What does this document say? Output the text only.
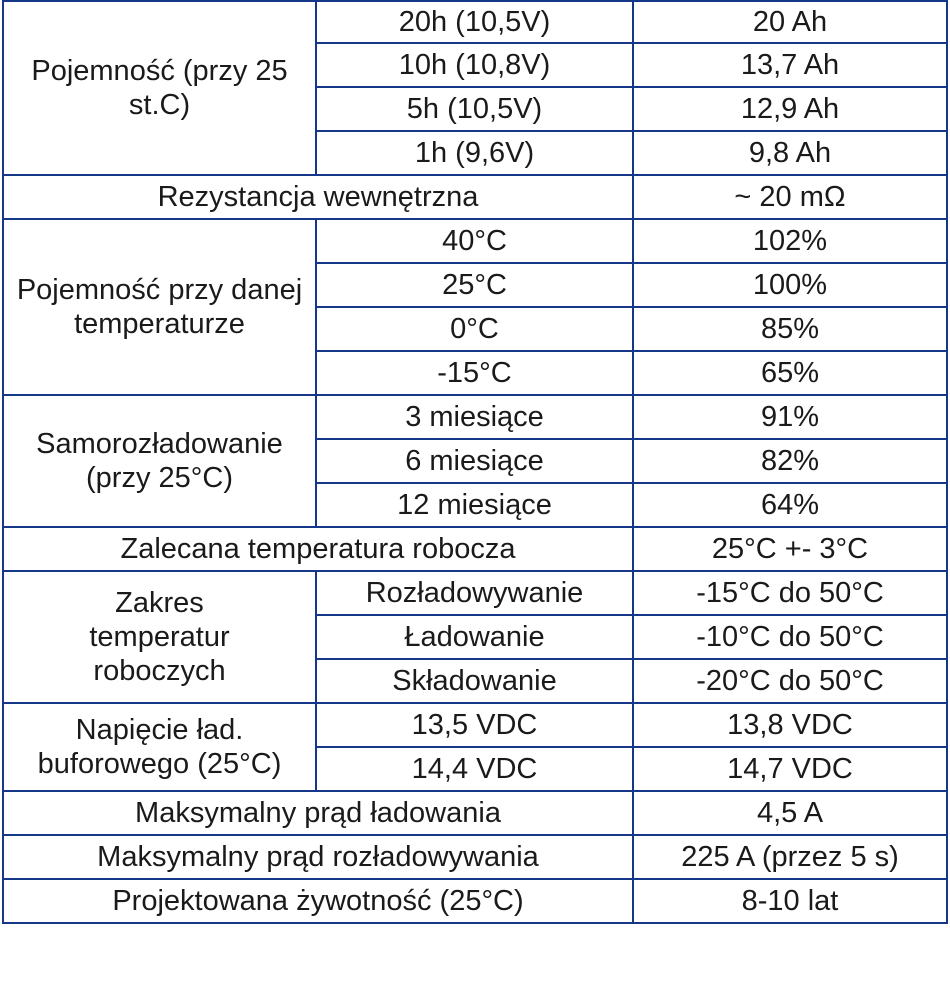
Pojemność (przy 25 st.C)	20h (10,5V)	20 Ah
	10h (10,8V)	13,7 Ah
	5h (10,5V)	12,9 Ah
	1h (9,6V)	9,8 Ah
Rezystancja wewnętrzna		~ 20 mΩ
Pojemność przy danej temperaturze	40°C	102%
	25°C	100%
	0°C	85%
	-15°C	65%
Samorozładowanie (przy 25°C)	3 miesiące	91%
	6 miesiące	82%
	12 miesiące	64%
Zalecana temperatura robocza		25°C +- 3°C
Zakres temperatur roboczych	Rozładowywanie	-15°C do 50°C
	Ładowanie	-10°C do 50°C
	Składowanie	-20°C do 50°C
Napięcie ład. buforowego (25°C)	13,5 VDC	13,8 VDC
	14,4 VDC	14,7 VDC
Maksymalny prąd ładowania		4,5 A
Maksymalny prąd rozładowywania		225 A (przez 5 s)
Projektowana żywotność (25°C)		8-10 lat
